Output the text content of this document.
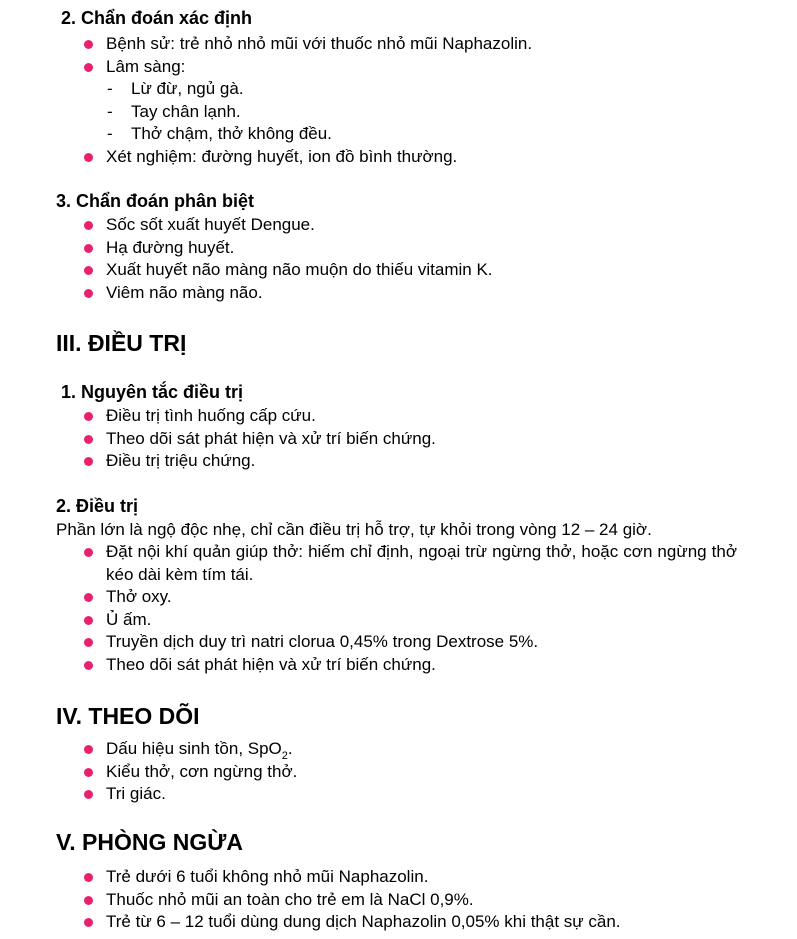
2. Chẩn đoán xác định
Bệnh sử: trẻ nhỏ nhỏ mũi với thuốc nhỏ mũi Naphazolin.
Lâm sàng:
- Lừ đừ, ngủ gà.
- Tay chân lạnh.
- Thở chậm, thở không đều.
Xét nghiệm: đường huyết, ion đồ bình thường.
3. Chẩn đoán phân biệt
Sốc sốt xuất huyết Dengue.
Hạ đường huyết.
Xuất huyết não màng não muộn do thiếu vitamin K.
Viêm não màng não.
III. ĐIỀU TRỊ
1. Nguyên tắc điều trị
Điều trị tình huống cấp cứu.
Theo dõi sát phát hiện và xử trí biến chứng.
Điều trị triệu chứng.
2. Điều trị
Phần lớn là ngộ độc nhẹ, chỉ cần điều trị hỗ trợ, tự khỏi trong vòng 12 – 24 giờ.
Đặt nội khí quản giúp thở: hiếm chỉ định, ngoại trừ ngừng thở, hoặc cơn ngừng thở kéo dài kèm tím tái.
Thở oxy.
Ủ ấm.
Truyền dịch duy trì natri clorua 0,45% trong Dextrose 5%.
Theo dõi sát phát hiện và xử trí biến chứng.
IV. THEO DÕI
Dấu hiệu sinh tồn, SpO$_2$.
Kiểu thở, cơn ngừng thở.
Tri giác.
V. PHÒNG NGỪA
Trẻ dưới 6 tuổi không nhỏ mũi Naphazolin.
Thuốc nhỏ mũi an toàn cho trẻ em là NaCl 0,9%.
Trẻ từ 6 – 12 tuổi dùng dung dịch Naphazolin 0,05% khi thật sự cần.
